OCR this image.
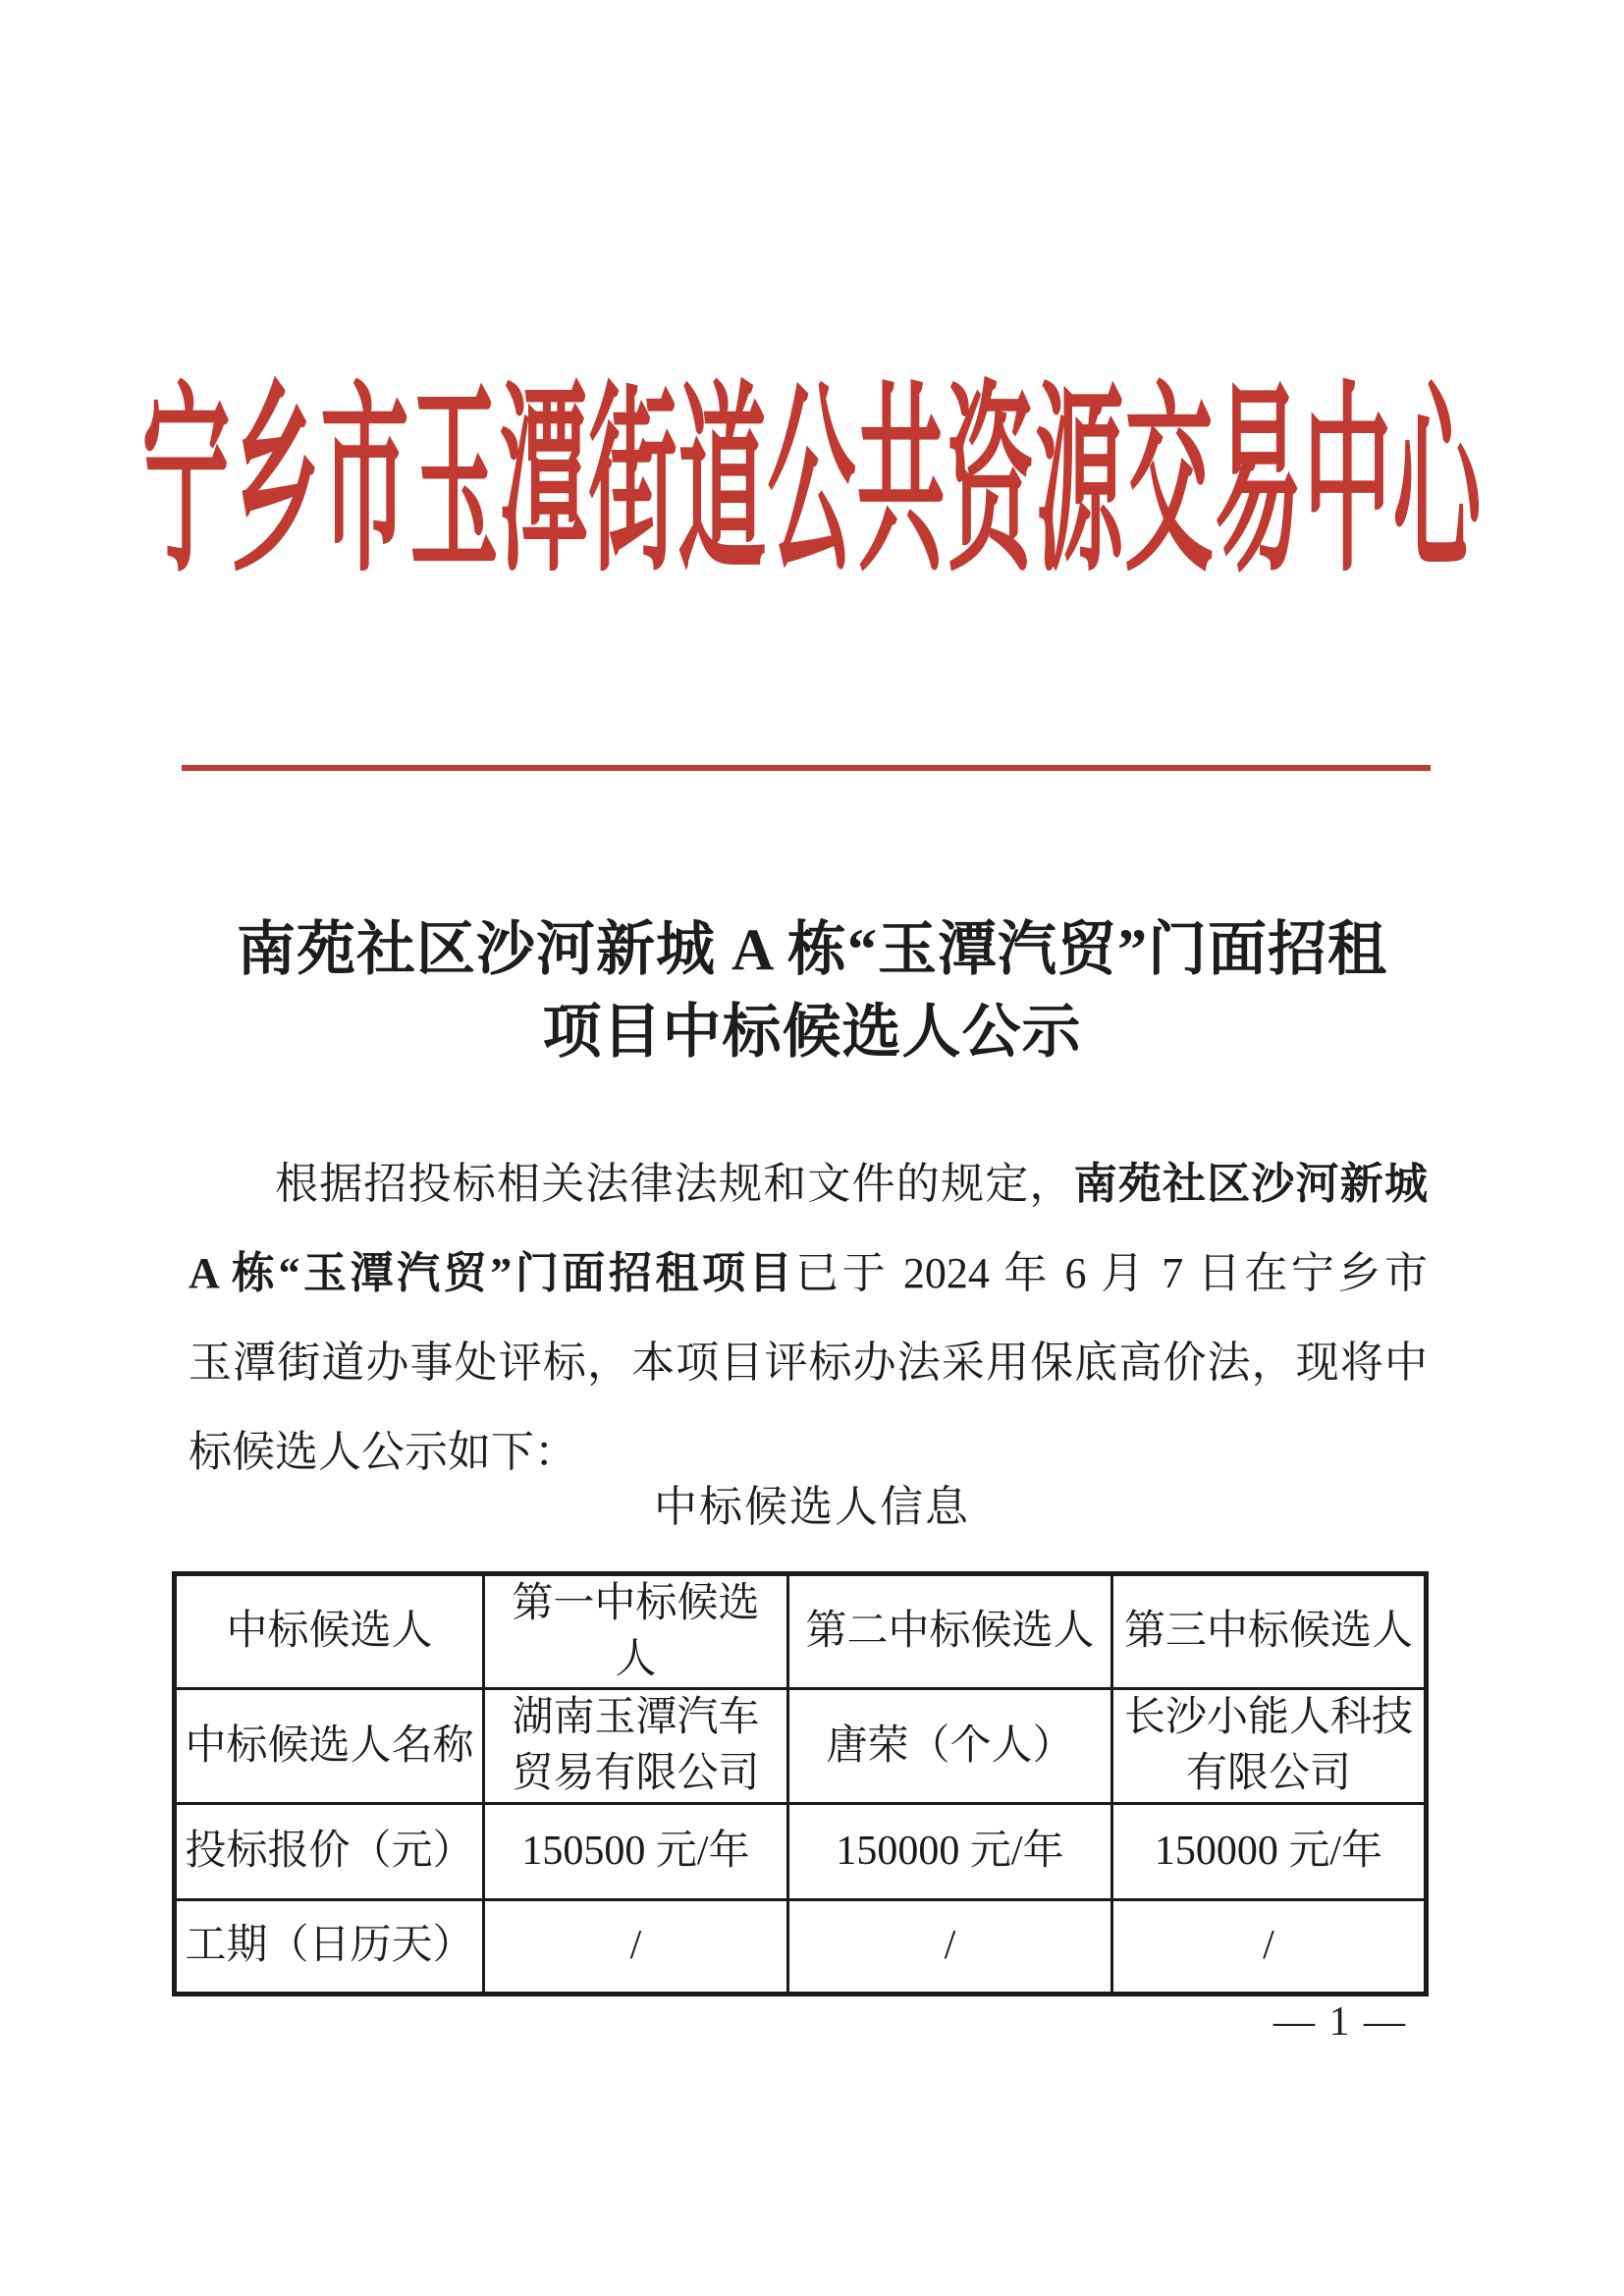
宁乡市玉潭街道公共资源交易中心
南苑社区沙河新城 A 栋“玉潭汽贸”门面招租
项目中标候选人公示
根据招投标相关法律法规和文件的规定，南苑社区沙河新城
A 栋“玉潭汽贸”门面招租项目已于 2024 年 6 月 7 日在宁乡市
玉潭街道办事处评标，本项目评标办法采用保底高价法，现将中
标候选人公示如下：
中标候选人信息
中标候选人	第一中标候选人	第二中标候选人	第三中标候选人
中标候选人名称	湖南玉潭汽车贸易有限公司	唐荣（个人）	长沙小能人科技有限公司
投标报价（元）	150500 元/年	150000 元/年	150000 元/年
工期（日历天）	/	/	/
— 1 —
